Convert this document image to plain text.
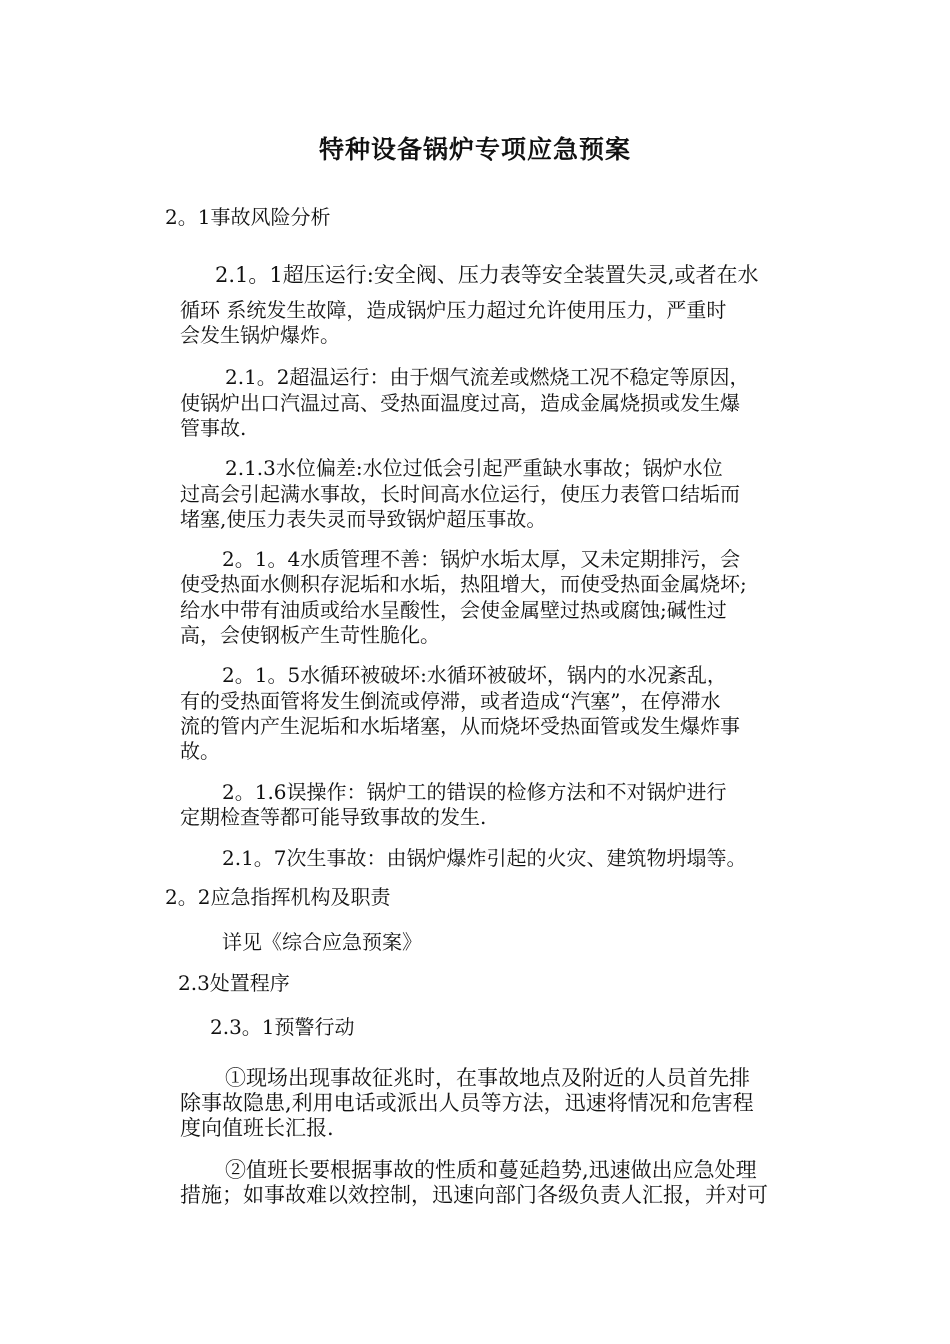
特种设备锅炉专项应急预案
2。1事故风险分析
2.1。1超压运行:安全阀、压力表等安全装置失灵,或者在水
循环 系统发生故障，造成锅炉压力超过允许使用压力，严重时
会发生锅炉爆炸。
2.1。2超温运行：由于烟气流差或燃烧工况不稳定等原因，
使锅炉出口汽温过高、受热面温度过高，造成金属烧损或发生爆
管事故.
2.1.3水位偏差:水位过低会引起严重缺水事故；锅炉水位
过高会引起满水事故，长时间高水位运行，使压力表管口结垢而
堵塞,使压力表失灵而导致锅炉超压事故。
2。1。4水质管理不善：锅炉水垢太厚，又未定期排污，会
使受热面水侧积存泥垢和水垢，热阻增大，而使受热面金属烧坏;
给水中带有油质或给水呈酸性，会使金属壁过热或腐蚀;碱性过
高，会使钢板产生苛性脆化。
2。1。5水循环被破坏:水循环被破坏，锅内的水况紊乱，
有的受热面管将发生倒流或停滞，或者造成“汽塞”，在停滞水
流的管内产生泥垢和水垢堵塞，从而烧坏受热面管或发生爆炸事
故。
2。1.6误操作：锅炉工的错误的检修方法和不对锅炉进行
定期检查等都可能导致事故的发生.
2.1。7次生事故：由锅炉爆炸引起的火灾、建筑物坍塌等。
2。2应急指挥机构及职责
详见《综合应急预案》
2.3处置程序
2.3。1预警行动
①现场出现事故征兆时，在事故地点及附近的人员首先排
除事故隐患,利用电话或派出人员等方法，迅速将情况和危害程
度向值班长汇报.
②值班长要根据事故的性质和蔓延趋势,迅速做出应急处理
措施；如事故难以效控制，迅速向部门各级负责人汇报，并对可
